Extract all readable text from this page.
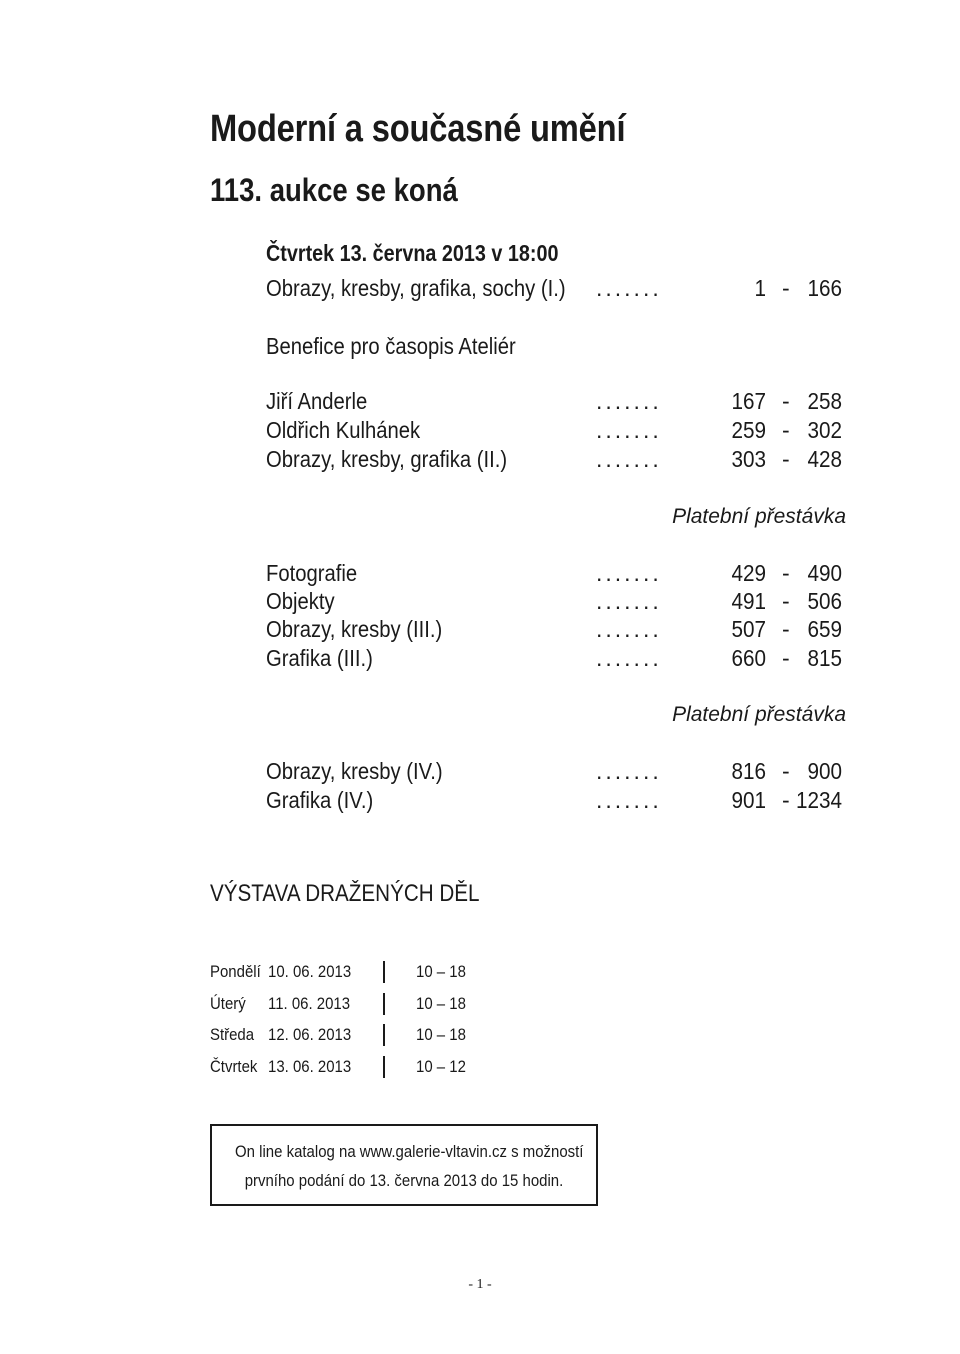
Moderní a současné umění
113. aukce se koná
Čtvrtek 13. června 2013 v 18:00
Obrazy, kresby, grafika, sochy (I.) .......	1 - 166
Benefice pro časopis Ateliér
Jiří Anderle	.......	167 - 258
Oldřich Kulhánek	.......	259 - 302
Obrazy, kresby, grafika (II.)	.......	303 - 428
Platební přestávka
Fotografie	.......	429 - 490
Objekty	.......	491 - 506
Obrazy, kresby (III.)	.......	507 - 659
Grafika (III.)	.......	660 - 815
Platební přestávka
Obrazy, kresby (IV.)	.......	816 - 900
Grafika (IV.)	.......	901 - 1234
VÝSTAVA DRAŽENÝCH DĚL
Pondělí 10. 06. 2013	10 – 18
Úterý 11. 06. 2013	10 – 18
Středa 12. 06. 2013	10 – 18
Čtvrtek 13. 06. 2013	10 – 12
On line katalog na www.galerie-vltavin.cz s možností
prvního podání do 13. června 2013 do 15 hodin.
- 1 -
